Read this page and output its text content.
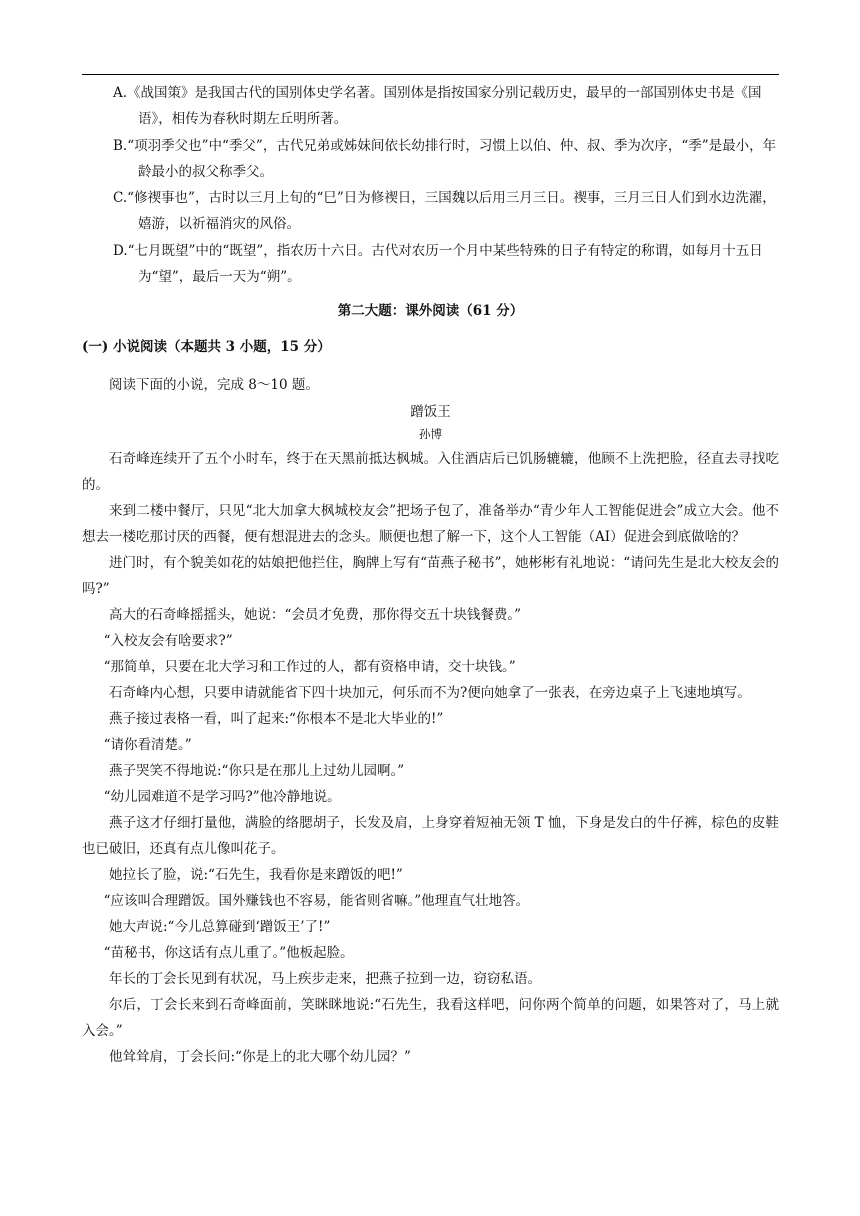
A.《战国策》是我国古代的国别体史学名著。国别体是指按国家分别记载历史，最早的一部国别体史书是《国语》，相传为春秋时期左丘明所著。

B.“项羽季父也”中“季父”，古代兄弟或姊妹间依长幼排行时，习惯上以伯、仲、叔、季为次序，“季”是最小，年龄最小的叔父称季父。

C.“修禊事也”，古时以三月上旬的“巳”日为修禊日，三国魏以后用三月三日。禊事，三月三日人们到水边洗濯，嬉游，以祈福消灾的风俗。

D.“七月既望”中的“既望”，指农历十六日。古代对农历一个月中某些特殊的日子有特定的称谓，如每月十五日为“望”，最后一天为“朔”。

第二大题：课外阅读（61 分）
(一) 小说阅读（本题共 3 小题，15 分）

阅读下面的小说，完成 8～10 题。

蹭饭王

孙博

石奇峰连续开了五个小时车，终于在天黑前抵达枫城。入住酒店后已饥肠辘辘，他顾不上洗把脸，径直去寻找吃的。

来到二楼中餐厅，只见“北大加拿大枫城校友会”把场子包了，准备举办“青少年人工智能促进会”成立大会。他不想去一楼吃那讨厌的西餐，便有想混进去的念头。顺便也想了解一下，这个人工智能（AI）促进会到底做啥的？

进门时，有个貌美如花的姑娘把他拦住，胸牌上写有“苗燕子秘书”，她彬彬有礼地说：“请问先生是北大校友会的吗?”

高大的石奇峰摇摇头，她说：“会员才免费，那你得交五十块钱餐费。”

“入校友会有啥要求?”

“那简单，只要在北大学习和工作过的人，都有资格申请，交十块钱。”

石奇峰内心想，只要申请就能省下四十块加元，何乐而不为?便向她拿了一张表，在旁边桌子上飞速地填写。

燕子接过表格一看，叫了起来:“你根本不是北大毕业的!”

“请你看清楚。”

燕子哭笑不得地说:“你只是在那儿上过幼儿园啊。”

“幼儿园难道不是学习吗?”他冷静地说。

燕子这才仔细打量他，满脸的络腮胡子，长发及肩，上身穿着短袖无领 T 恤，下身是发白的牛仔裤，棕色的皮鞋也已破旧，还真有点儿像叫花子。

她拉长了脸，说:“石先生，我看你是来蹭饭的吧!”

“应该叫合理蹭饭。国外赚钱也不容易，能省则省嘛。”他理直气壮地答。

她大声说:“今儿总算碰到‘蹭饭王’了!”

“苗秘书，你这话有点儿重了。”他板起脸。

年长的丁会长见到有状况，马上疾步走来，把燕子拉到一边，窃窃私语。

尔后，丁会长来到石奇峰面前，笑眯眯地说:“石先生，我看这样吧，问你两个简单的问题，如果答对了，马上就入会。”

他耸耸肩，丁会长问:“你是上的北大哪个幼儿园？”
